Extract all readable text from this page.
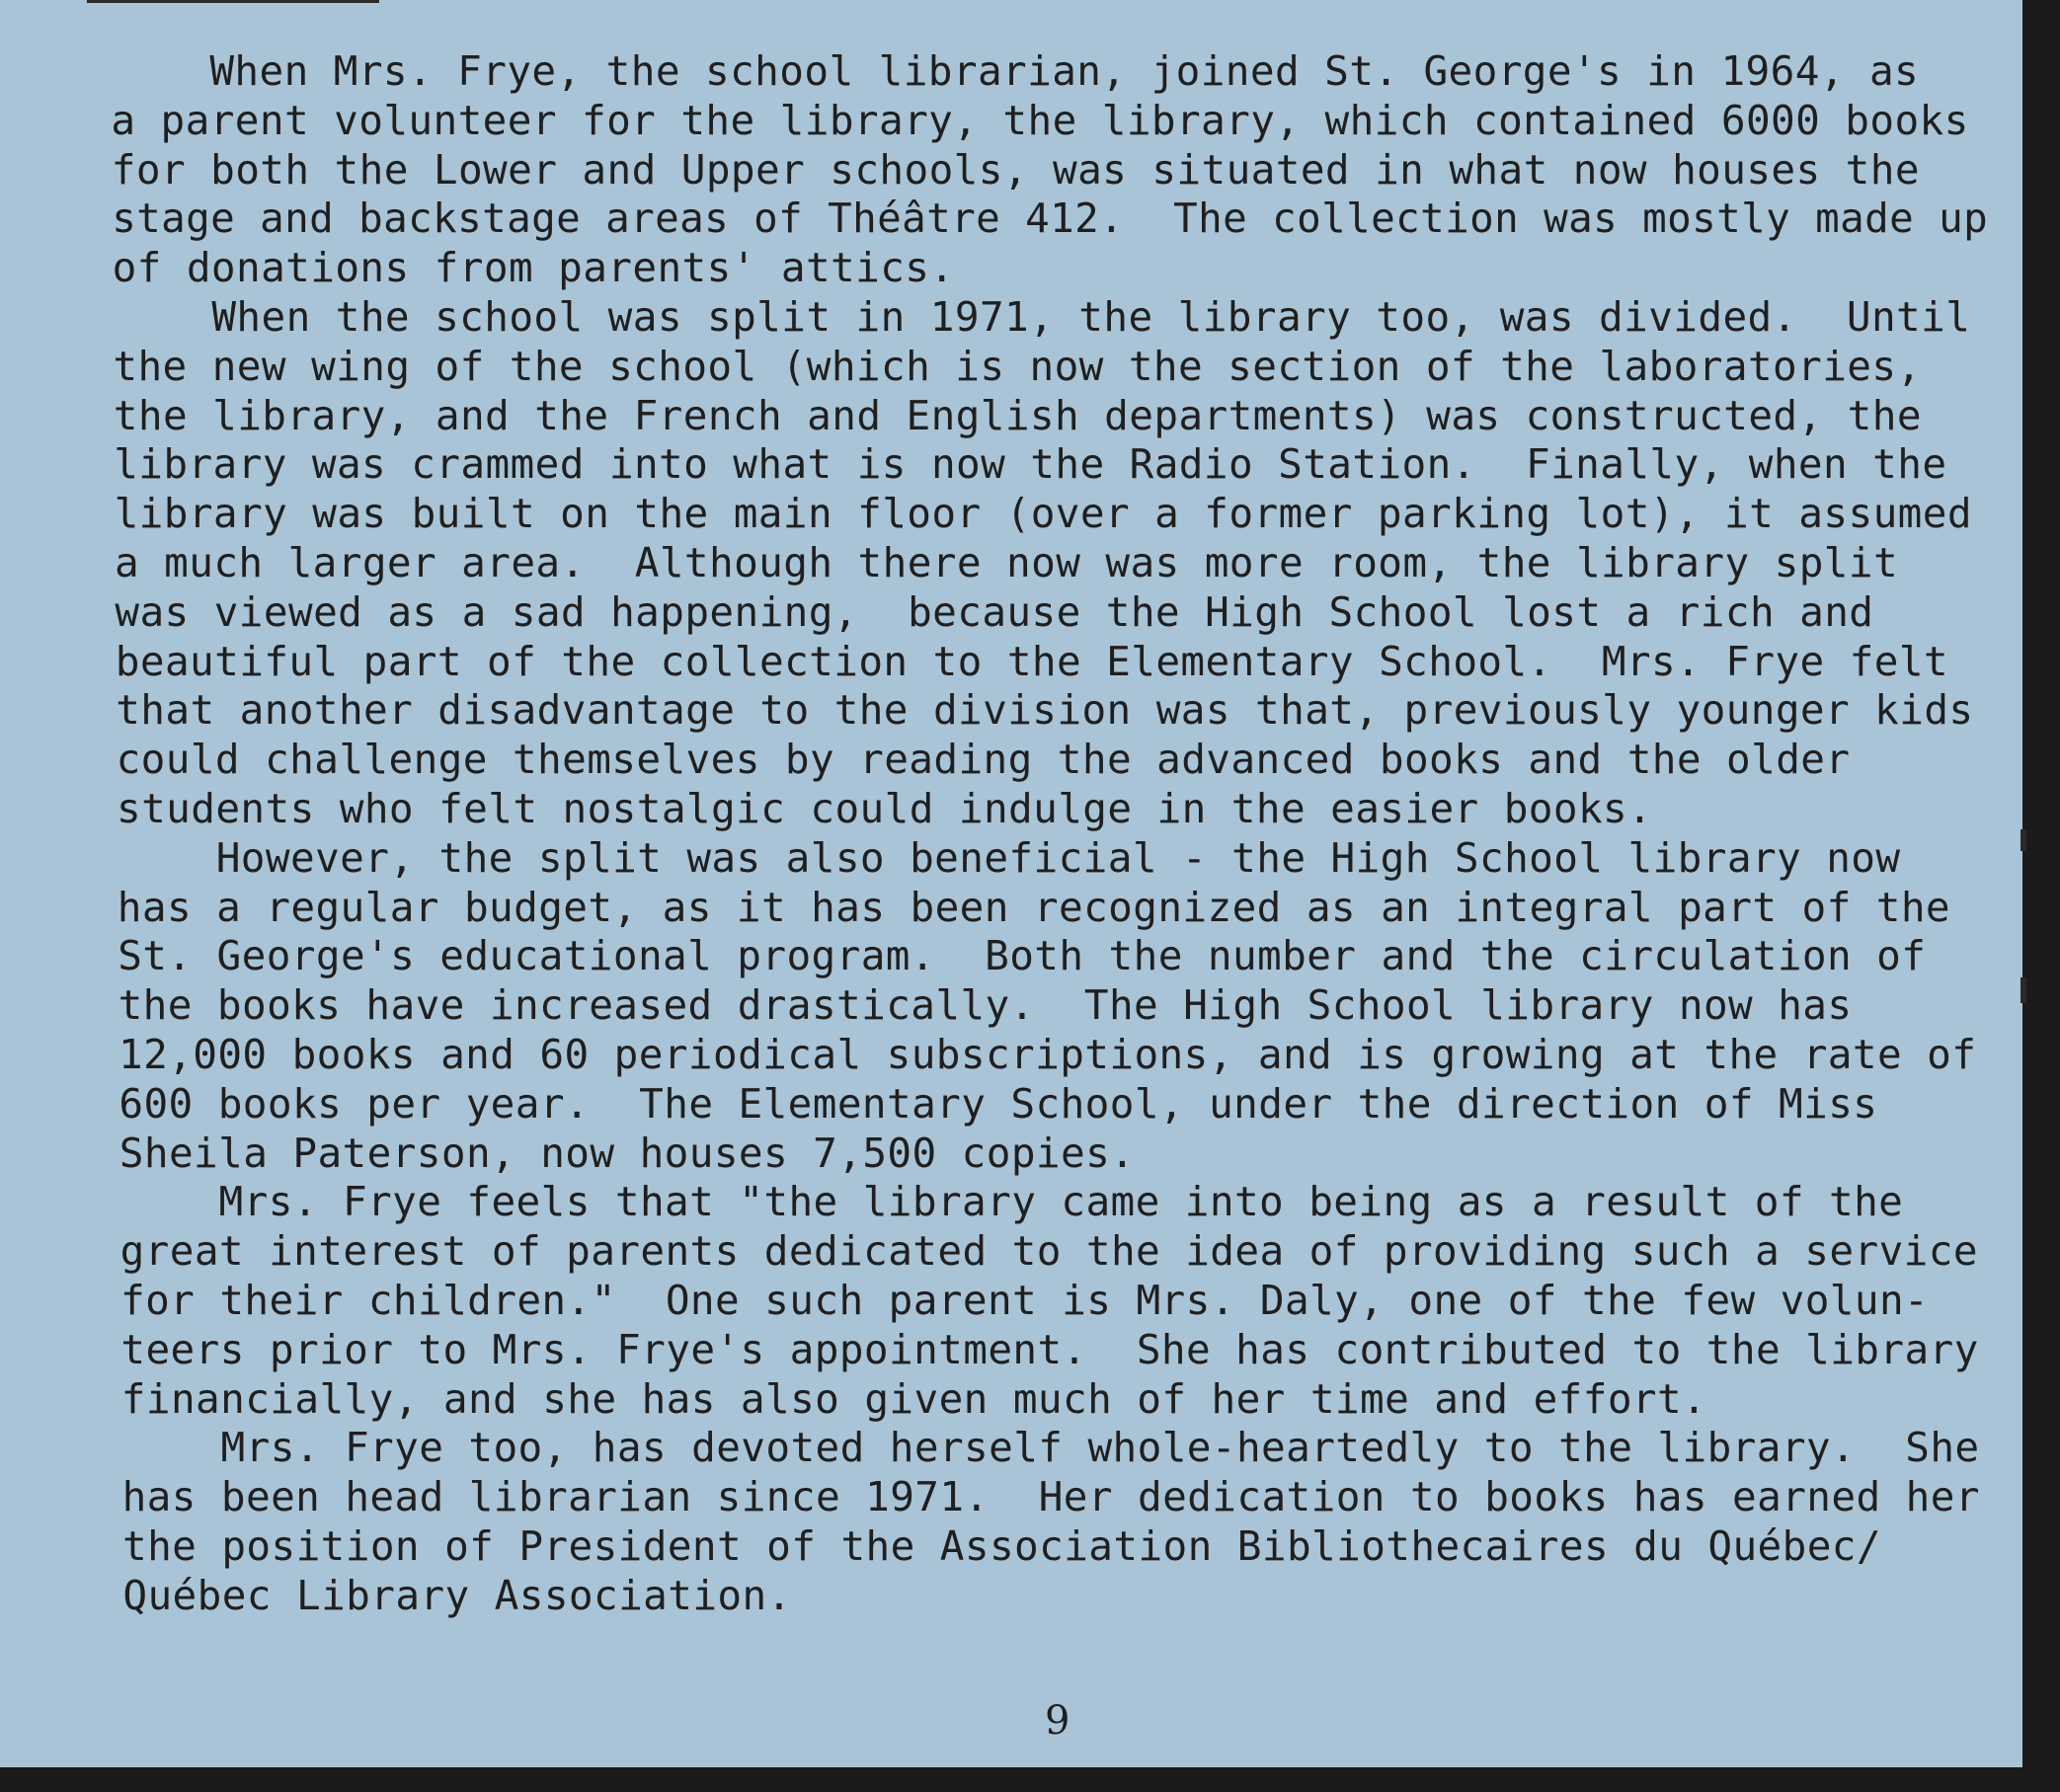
When Mrs. Frye, the school librarian, joined St. George's in 1964, as
a parent volunteer for the library, the library, which contained 6000 books
for both the Lower and Upper schools, was situated in what now houses the
stage and backstage areas of Théâtre 412.  The collection was mostly made up
of donations from parents' attics.
When the school was split in 1971, the library too, was divided.  Until
the new wing of the school (which is now the section of the laboratories,
the library, and the French and English departments) was constructed, the
library was crammed into what is now the Radio Station.  Finally, when the
library was built on the main floor (over a former parking lot), it assumed
a much larger area.  Although there now was more room, the library split
was viewed as a sad happening,  because the High School lost a rich and
beautiful part of the collection to the Elementary School.  Mrs. Frye felt
that another disadvantage to the division was that, previously younger kids
could challenge themselves by reading the advanced books and the older
students who felt nostalgic could indulge in the easier books.
However, the split was also beneficial - the High School library now
has a regular budget, as it has been recognized as an integral part of the
St. George's educational program.  Both the number and the circulation of
the books have increased drastically.  The High School library now has
12,000 books and 60 periodical subscriptions, and is growing at the rate of
600 books per year.  The Elementary School, under the direction of Miss
Sheila Paterson, now houses 7,500 copies.
Mrs. Frye feels that "the library came into being as a result of the
great interest of parents dedicated to the idea of providing such a service
for their children."  One such parent is Mrs. Daly, one of the few volun-
teers prior to Mrs. Frye's appointment.  She has contributed to the library
financially, and she has also given much of her time and effort.
Mrs. Frye too, has devoted herself whole-heartedly to the library.  She
has been head librarian since 1971.  Her dedication to books has earned her
the position of President of the Association Bibliothecaires du Québec/
Québec Library Association.
9
